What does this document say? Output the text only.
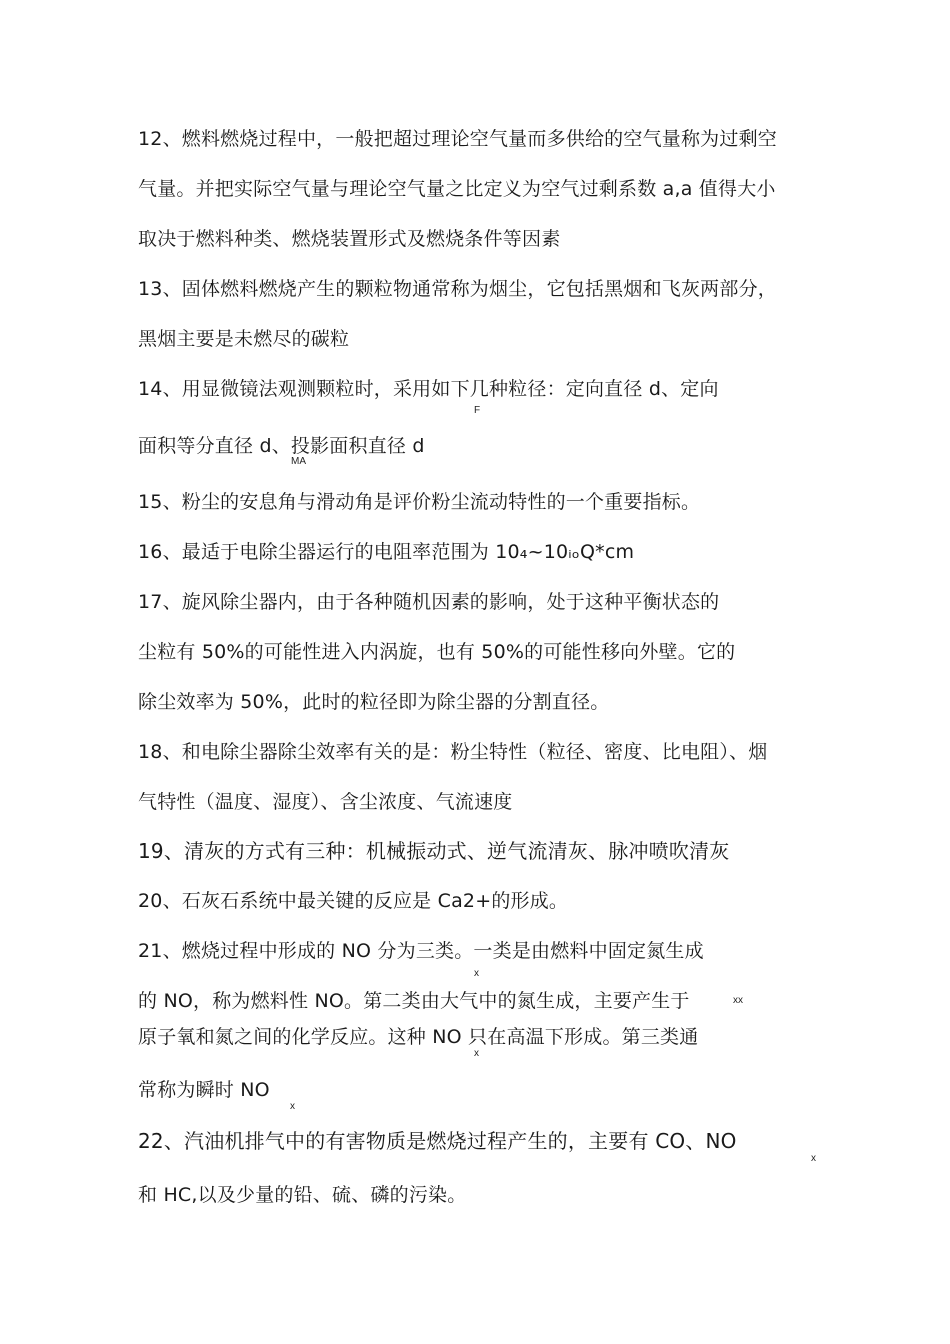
12、燃料燃烧过程中，一般把超过理论空气量而多供给的空气量称为过剩空
气量。并把实际空气量与理论空气量之比定义为空气过剩系数 a,a 值得大小
取决于燃料种类、燃烧装置形式及燃烧条件等因素
13、固体燃料燃烧产生的颗粒物通常称为烟尘，它包括黑烟和飞灰两部分，
黑烟主要是未燃尽的碳粒
14、用显微镜法观测颗粒时，采用如下几种粒径：定向直径 d、定向
F
面积等分直径 d、投影面积直径 d
MA
15、粉尘的安息角与滑动角是评价粉尘流动特性的一个重要指标。
16、最适于电除尘器运行的电阻率范围为 10₄~10ᵢₒQ*cm
17、旋风除尘器内，由于各种随机因素的影响，处于这种平衡状态的
尘粒有 50%的可能性进入内涡旋，也有 50%的可能性移向外壁。它的
除尘效率为 50%，此时的粒径即为除尘器的分割直径。
18、和电除尘器除尘效率有关的是：粉尘特性（粒径、密度、比电阻）、烟
气特性（温度、湿度）、含尘浓度、气流速度
19、清灰的方式有三种：机械振动式、逆气流清灰、脉冲喷吹清灰
20、石灰石系统中最关键的反应是 Ca2+的形成。
21、燃烧过程中形成的 NO 分为三类。一类是由燃料中固定氮生成
x
的 NO，称为燃料性 NO。第二类由大气中的氮生成，主要产生于	xx
原子氧和氮之间的化学反应。这种 NO 只在高温下形成。第三类通
x
常称为瞬时 NO
x
22、汽油机排气中的有害物质是燃烧过程产生的，主要有 CO、NO
x
和 HC,以及少量的铅、硫、磷的污染。
